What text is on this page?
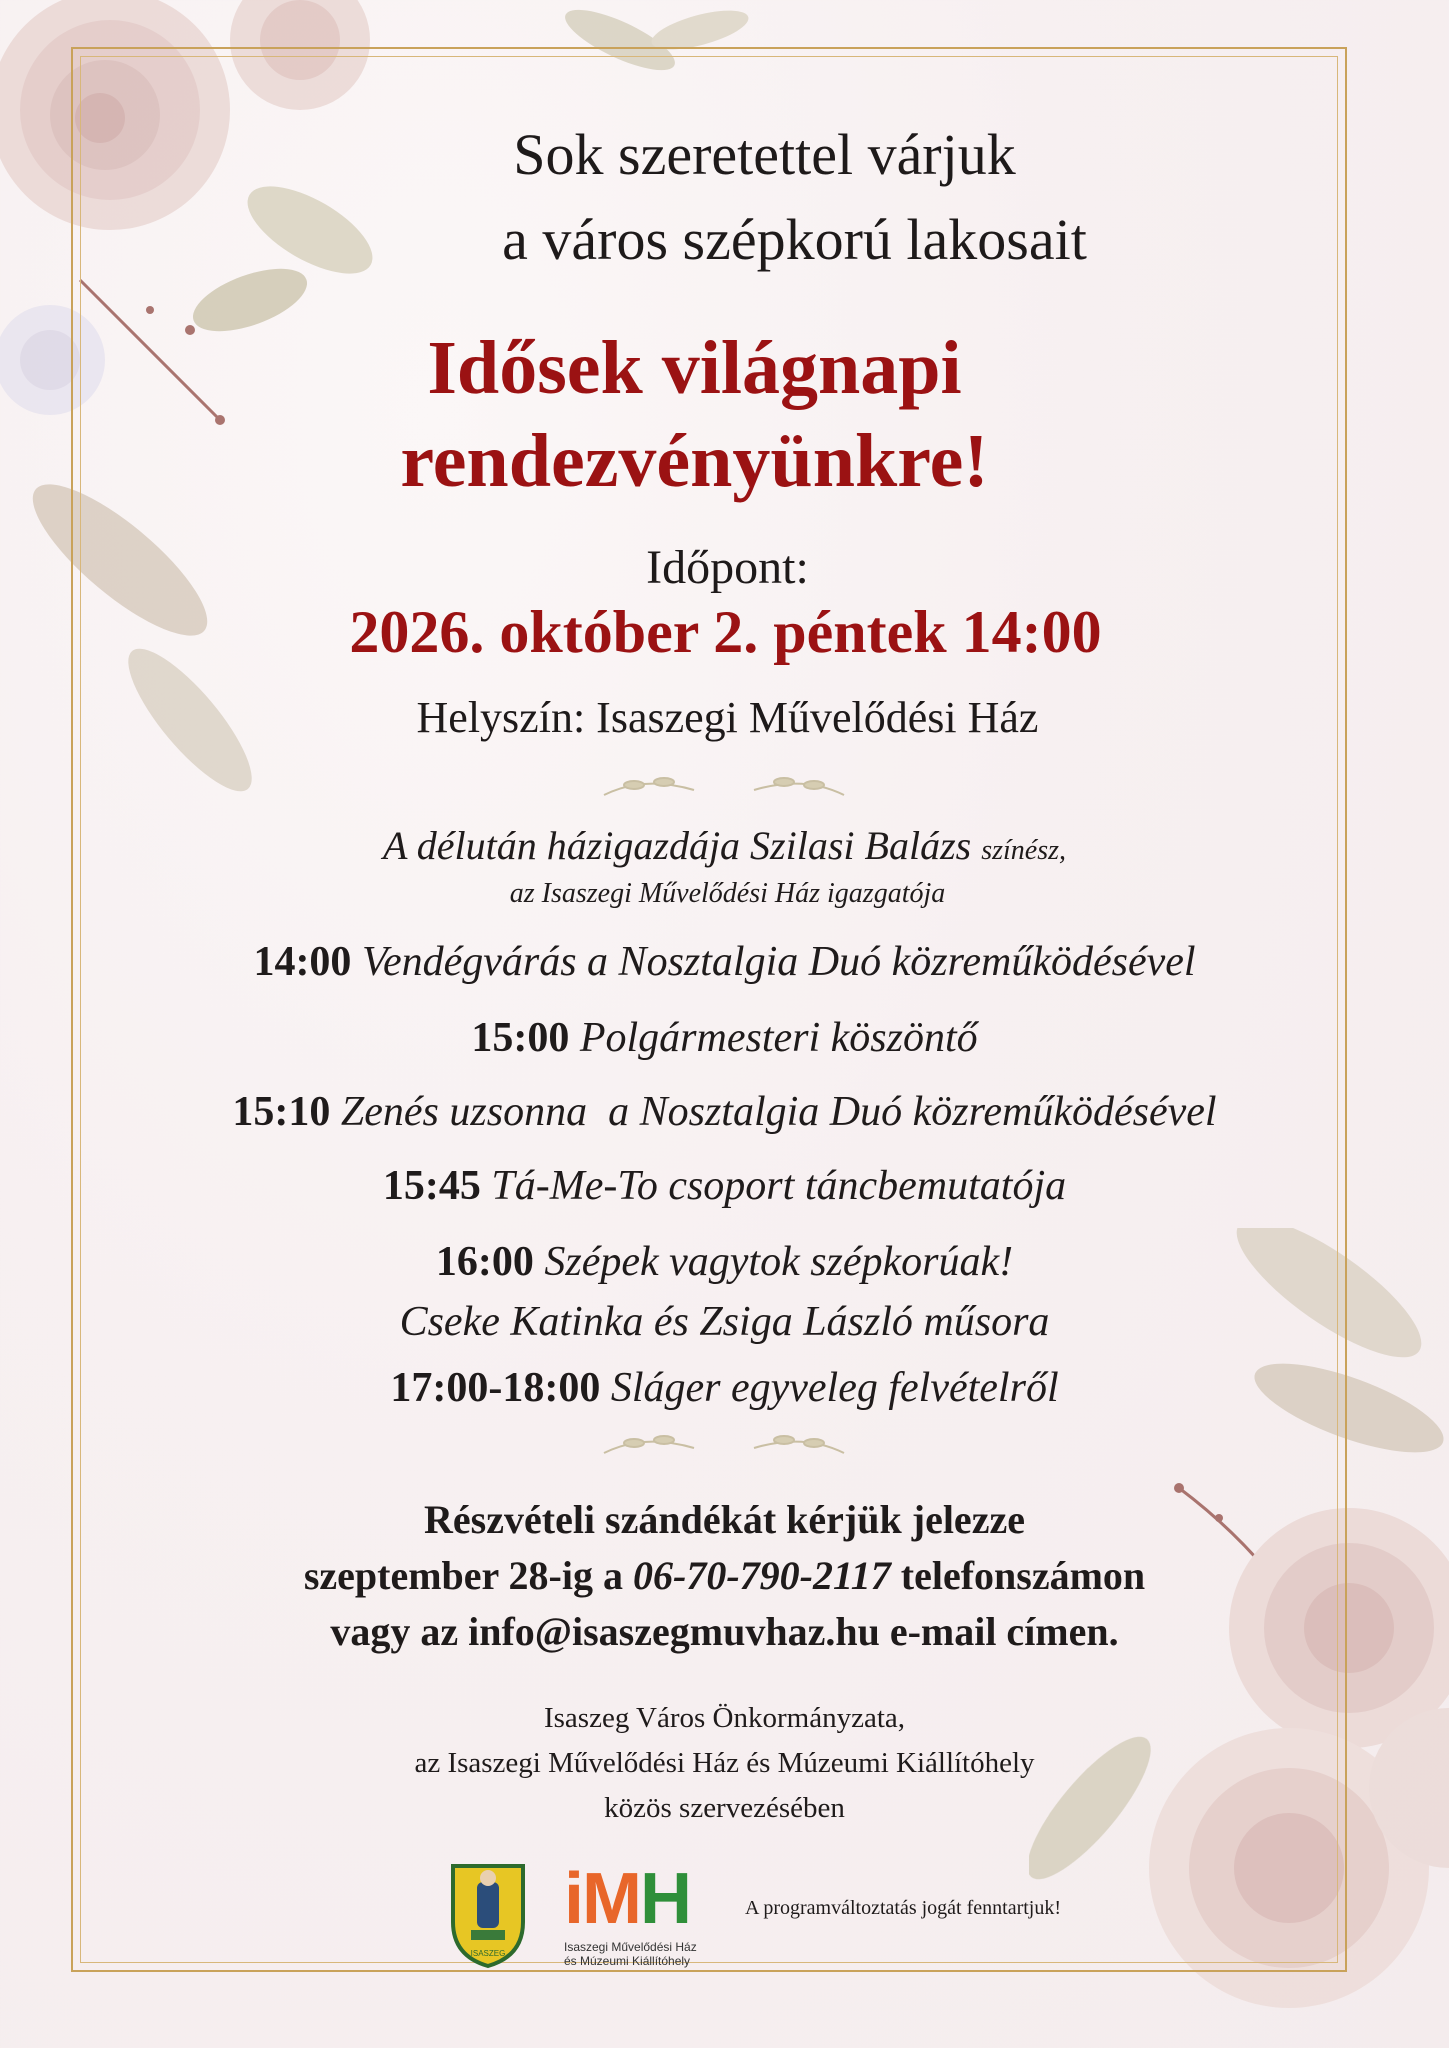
Sok szeretettel várjuk
a város szépkorú lakosait
Idősek világnapi
rendezvényünkre!
Időpont:
2026. október 2. péntek 14:00
Helyszín: Isaszegi Művelődési Ház
A délután házigazdája Szilasi Balázs színész,
az Isaszegi Művelődési Ház igazgatója
14:00 Vendégvárás a Nosztalgia Duó közreműködésével
15:00 Polgármesteri köszöntő
15:10 Zenés uzsonna  a Nosztalgia Duó közreműködésével
15:45 Tá-Me-To csoport táncbemutatója
16:00 Szépek vagytok szépkorúak!
Cseke Katinka és Zsiga László műsora
17:00-18:00 Sláger egyveleg felvételről
Részvételi szándékát kérjük jelezze
szeptember 28-ig a 06-70-790-2117 telefonszámon
vagy az info@isaszegmuvhaz.hu e-mail címen.
Isaszeg Város Önkormányzata,
az Isaszegi Művelődési Ház és Múzeumi Kiállítóhely
közös szervezésében
ISASZEG
iMH
Isaszegi Művelődési Ház
és Múzeumi Kiállítóhely
A programváltoztatás jogát fenntartjuk!
